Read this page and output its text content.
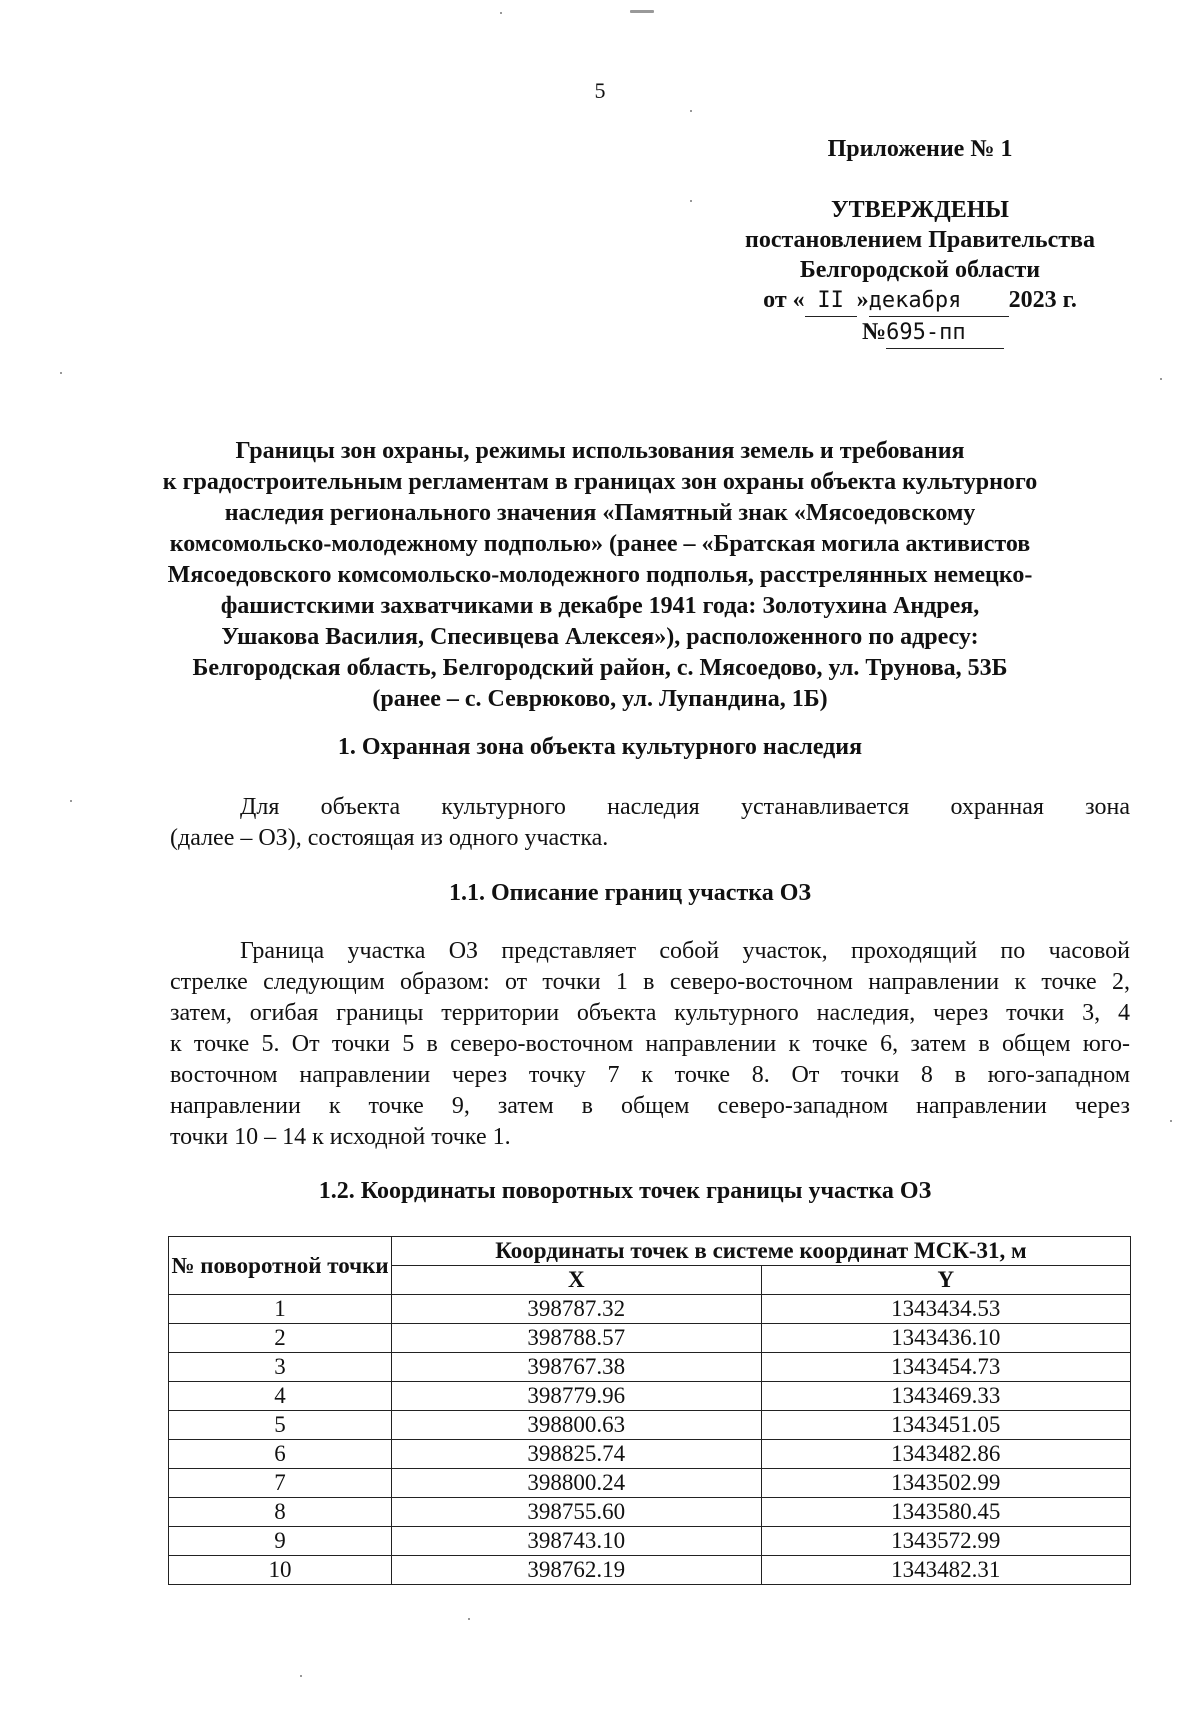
5
Приложение № 1
УТВЕРЖДЕНЫ
постановлением Правительства
Белгородской области
от « II »декабря 2023 г.
№695-пп
Границы зон охраны, режимы использования земель и требования
к градостроительным регламентам в границах зон охраны объекта культурного
наследия регионального значения «Памятный знак «Мясоедовскому
комсомольско-молодежному подполью» (ранее – «Братская могила активистов
Мясоедовского комсомольско-молодежного подполья, расстрелянных немецко-
фашистскими захватчиками в декабре 1941 года: Золотухина Андрея,
Ушакова Василия, Спесивцева Алексея»), расположенного по адресу:
Белгородская область, Белгородский район, с. Мясоедово, ул. Трунова, 53Б
(ранее – с. Севрюково, ул. Лупандина, 1Б)
1. Охранная зона объекта культурного наследия
Для объекта культурного наследия устанавливается охранная зона
(далее – ОЗ), состоящая из одного участка.
1.1. Описание границ участка ОЗ
Граница участка ОЗ представляет собой участок, проходящий по часовой
стрелке следующим образом: от точки 1 в северо-восточном направлении к точке 2,
затем, огибая границы территории объекта культурного наследия, через точки 3, 4
к точке 5. От точки 5 в северо-восточном направлении к точке 6, затем в общем юго-
восточном направлении через точку 7 к точке 8. От точки 8 в юго-западном
направлении к точке 9, затем в общем северо-западном направлении через
точки 10 – 14 к исходной точке 1.
1.2. Координаты поворотных точек границы участка ОЗ
№ поворотной точки	Координаты точек в системе координат МСК-31, м	
	X	Y
1	398787.32	1343434.53
2	398788.57	1343436.10
3	398767.38	1343454.73
4	398779.96	1343469.33
5	398800.63	1343451.05
6	398825.74	1343482.86
7	398800.24	1343502.99
8	398755.60	1343580.45
9	398743.10	1343572.99
10	398762.19	1343482.31
